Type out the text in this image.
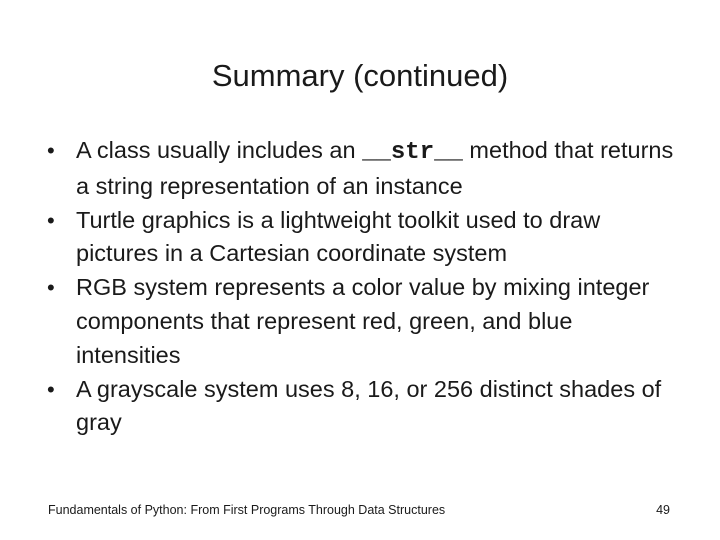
Summary (continued)
• A class usually includes an __str__ method that returns a string representation of an instance
• Turtle graphics is a lightweight toolkit used to draw pictures in a Cartesian coordinate system
• RGB system represents a color value by mixing integer components that represent red, green, and blue intensities
• A grayscale system uses 8, 16, or 256 distinct shades of gray
Fundamentals of Python: From First Programs Through Data Structures	49
